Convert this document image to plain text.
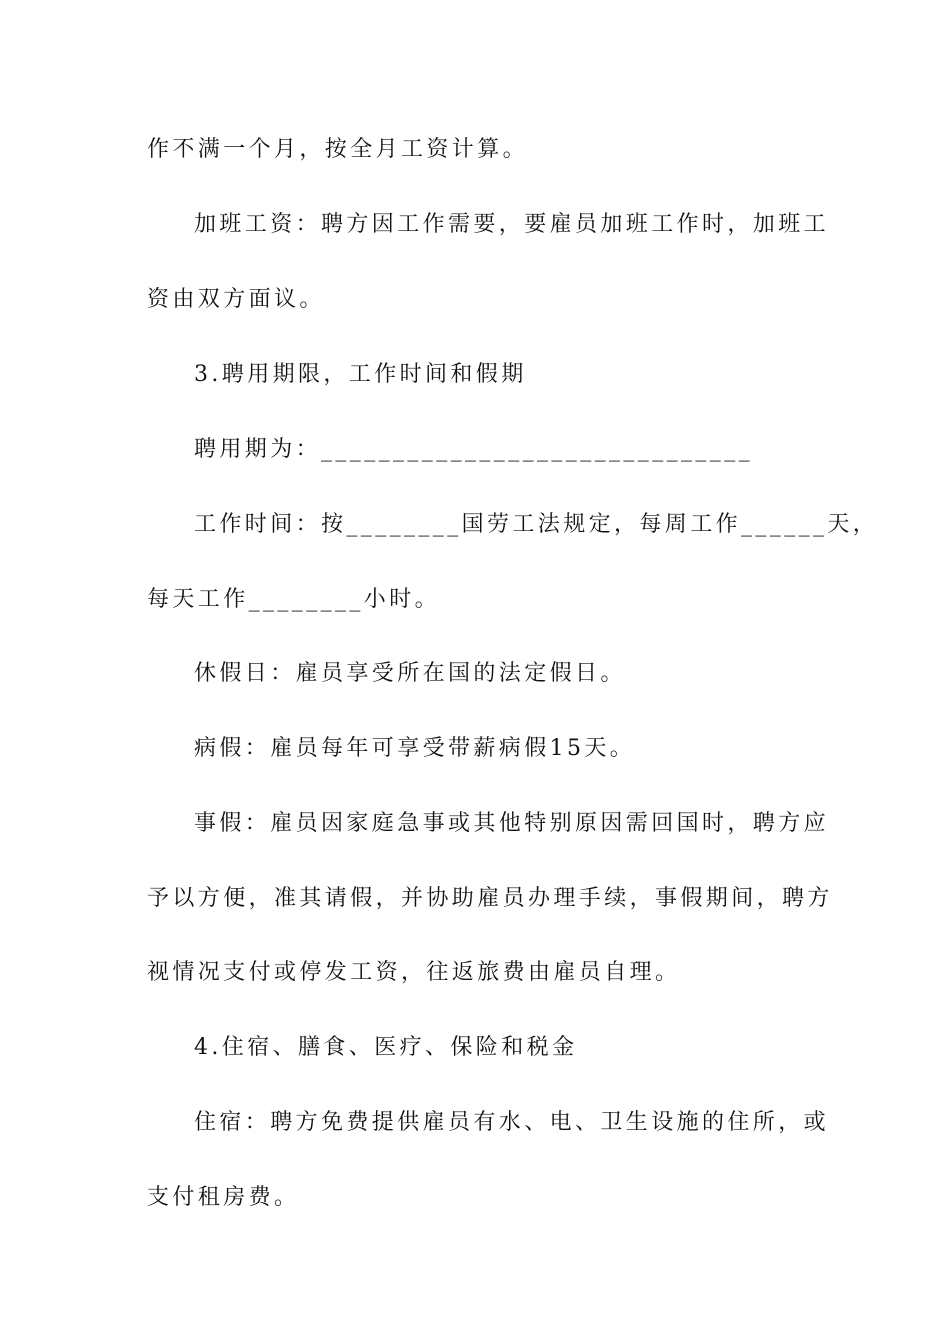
作不满一个月，按全月工资计算。
加班工资：聘方因工作需要，要雇员加班工作时，加班工
资由双方面议。
3.聘用期限，工作时间和假期
聘用期为：______________________________
工作时间：按________国劳工法规定，每周工作______天，
每天工作________小时。
休假日：雇员享受所在国的法定假日。
病假：雇员每年可享受带薪病假15天。
事假：雇员因家庭急事或其他特别原因需回国时，聘方应
予以方便，准其请假，并协助雇员办理手续，事假期间，聘方
视情况支付或停发工资，往返旅费由雇员自理。
4.住宿、膳食、医疗、保险和税金
住宿：聘方免费提供雇员有水、电、卫生设施的住所，或
支付租房费。
